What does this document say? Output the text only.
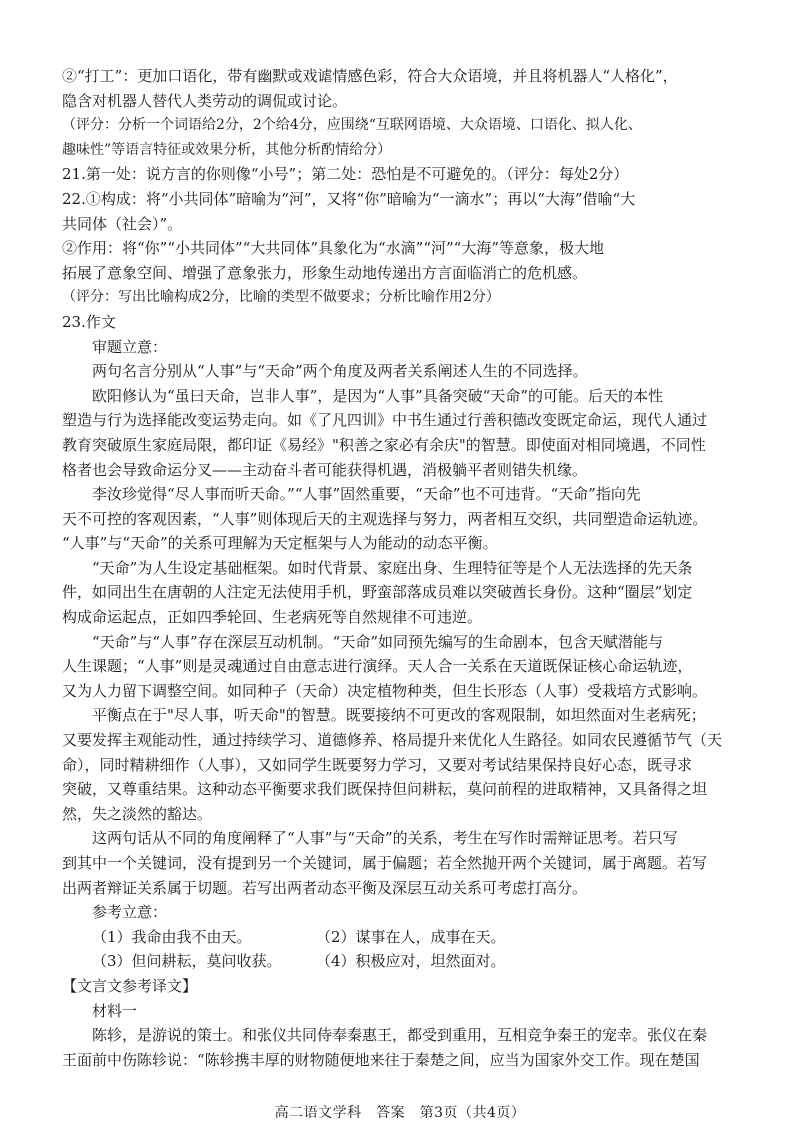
②“打工”：更加口语化，带有幽默或戏谑情感色彩，符合大众语境，并且将机器人“人格化”，
隐含对机器人替代人类劳动的调侃或讨论。
（评分：分析一个词语给2分，2个给4分，应围绕“互联网语境、大众语境、口语化、拟人化、
趣味性”等语言特征或效果分析，其他分析酌情给分）
21.第一处：说方言的你则像“小号”；第二处：恐怕是不可避免的。（评分：每处2分）
22.①构成：将“小共同体”暗喻为“河”，又将“你”暗喻为“一滴水”；再以“大海”借喻“大
共同体（社会）”。
②作用：将“你”“小共同体”“大共同体”具象化为“水滴”“河”“大海”等意象，极大地
拓展了意象空间、增强了意象张力，形象生动地传递出方言面临消亡的危机感。
（评分：写出比喻构成2分，比喻的类型不做要求；分析比喻作用2分）
23.作文
审题立意：
两句名言分别从“人事”与“天命”两个角度及两者关系阐述人生的不同选择。
欧阳修认为“虽曰天命，岂非人事”，是因为“人事”具备突破“天命”的可能。后天的本性
塑造与行为选择能改变运势走向。如《了凡四训》中书生通过行善积德改变既定命运，现代人通过
教育突破原生家庭局限，都印证《易经》"积善之家必有余庆"的智慧。即使面对相同境遇，不同性
格者也会导致命运分叉——主动奋斗者可能获得机遇，消极躺平者则错失机缘。
李汝珍觉得“尽人事而听天命。”“人事”固然重要，“天命”也不可违背。“天命”指向先
天不可控的客观因素，“人事”则体现后天的主观选择与努力，两者相互交织，共同塑造命运轨迹。
“人事”与“天命”的关系可理解为天定框架与人为能动的动态平衡。
“天命”为人生设定基础框架。如时代背景、家庭出身、生理特征等是个人无法选择的先天条
件，如同出生在唐朝的人注定无法使用手机，野蛮部落成员难以突破酋长身份。这种“圈层”划定
构成命运起点，正如四季轮回、生老病死等自然规律不可违逆。
“天命”与“人事”存在深层互动机制。“天命”如同预先编写的生命剧本，包含天赋潜能与
人生课题；“人事”则是灵魂通过自由意志进行演绎。天人合一关系在天道既保证核心命运轨迹，
又为人力留下调整空间。如同种子（天命）决定植物种类，但生长形态（人事）受栽培方式影响。
平衡点在于"尽人事，听天命"的智慧。既要接纳不可更改的客观限制，如坦然面对生老病死；
又要发挥主观能动性，通过持续学习、道德修养、格局提升来优化人生路径。如同农民遵循节气（天
命），同时精耕细作（人事），又如同学生既要努力学习，又要对考试结果保持良好心态，既寻求
突破，又尊重结果。这种动态平衡要求我们既保持但问耕耘，莫问前程的进取精神，又具备得之坦
然，失之淡然的豁达。
这两句话从不同的角度阐释了“人事”与“天命”的关系，考生在写作时需辩证思考。若只写
到其中一个关键词，没有提到另一个关键词，属于偏题；若全然抛开两个关键词，属于离题。若写
出两者辩证关系属于切题。若写出两者动态平衡及深层互动关系可考虑打高分。
参考立意：
（1）我命由我不由天。	（2）谋事在人，成事在天。
（3）但问耕耘，莫问收获。 （4）积极应对，坦然面对。
【文言文参考译文】
材料一
陈轸，是游说的策士。和张仪共同侍奉秦惠王，都受到重用，互相竞争秦王的宠幸。张仪在秦
王面前中伤陈轸说：“陈轸携丰厚的财物随便地来往于秦楚之间，应当为国家外交工作。现在楚国
高二语文学科　答案　第3页（共4页）
